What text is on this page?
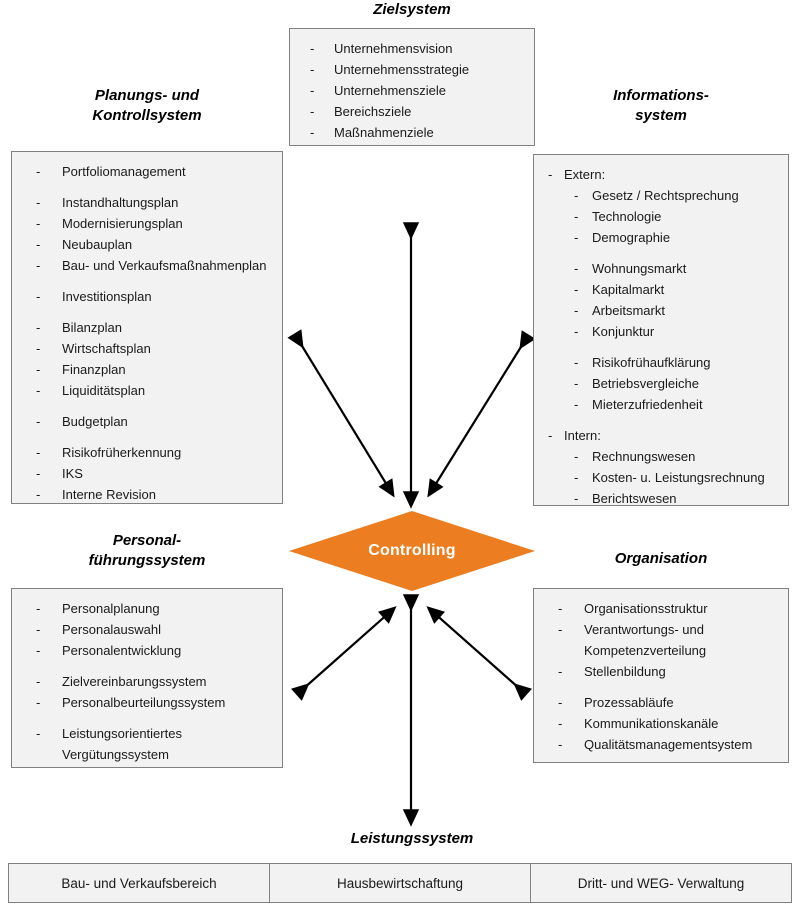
Zielsystem
- Unternehmensvision
- Unternehmensstrategie
- Unternehmensziele
- Bereichsziele
- Maßnahmenziele
Planungs- und
Kontrollsystem
- Portfoliomanagement
- Instandhaltungsplan
- Modernisierungsplan
- Neubauplan
- Bau- und Verkaufsmaßnahmenplan
- Investitionsplan
- Bilanzplan
- Wirtschaftsplan
- Finanzplan
- Liquiditätsplan
- Budgetplan
- Risikofrüherkennung
- IKS
- Interne Revision
Informations-
system
- Extern:
- Gesetz / Rechtsprechung
- Technologie
- Demographie
- Wohnungsmarkt
- Kapitalmarkt
- Arbeitsmarkt
- Konjunktur
- Risikofrühaufklärung
- Betriebsvergleiche
- Mieterzufriedenheit
- Intern:
- Rechnungswesen
- Kosten- u. Leistungsrechnung
- Berichtswesen
Controlling
Personal-
führungssystem
- Personalplanung
- Personalauswahl
- Personalentwicklung
- Zielvereinbarungssystem
- Personalbeurteilungssystem
- Leistungsorientiertes
Vergütungssystem
Organisation
- Organisationsstruktur
- Verantwortungs- und
Kompetenzverteilung
- Stellenbildung
- Prozessabläufe
- Kommunikationskanäle
- Qualitätsmanagementsystem
Leistungssystem
Bau- und Verkaufsbereich	Hausbewirtschaftung	Dritt- und WEG- Verwaltung
